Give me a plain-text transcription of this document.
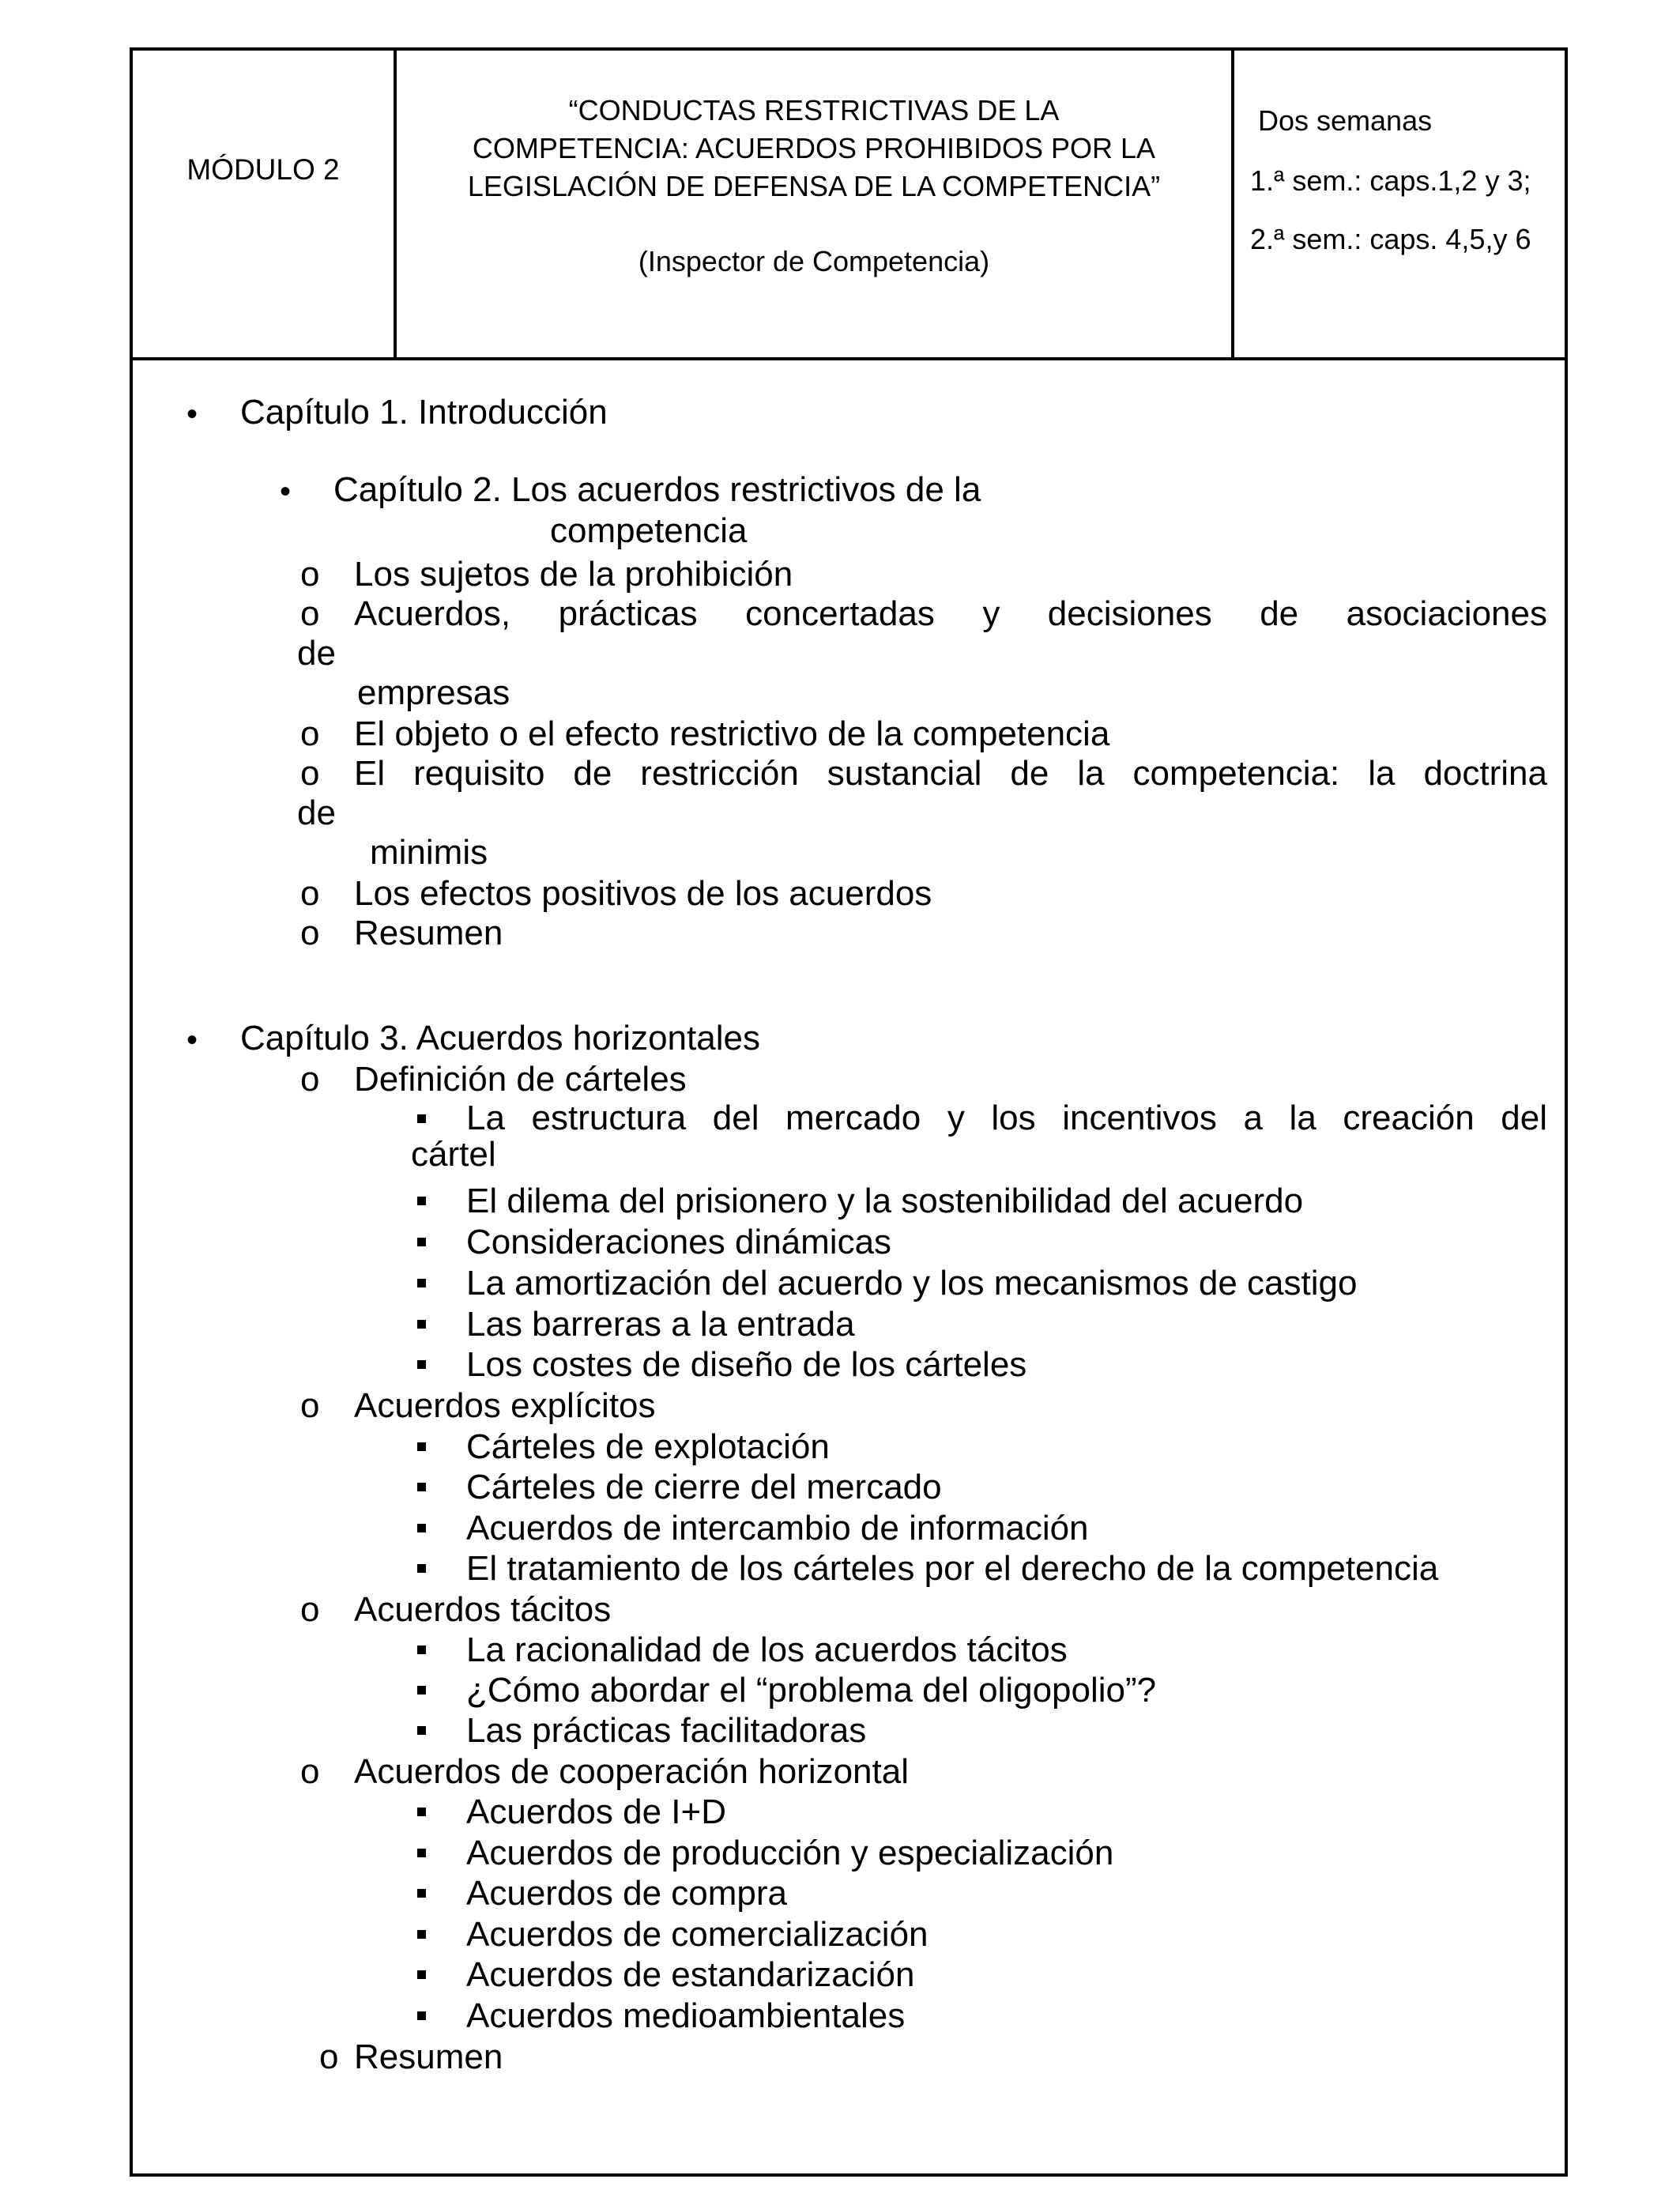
MÓDULO 2
“CONDUCTAS RESTRICTIVAS DE LA
COMPETENCIA: ACUERDOS PROHIBIDOS POR LA
LEGISLACIÓN DE DEFENSA DE LA COMPETENCIA”
(Inspector de Competencia)
Dos semanas
1.ª sem.: caps.1,2 y 3;
2.ª sem.: caps. 4,5,y 6
• Capítulo 1. Introducción
• Capítulo 2. Los acuerdos restrictivos de la
competencia
o Los sujetos de la prohibición
o Acuerdos, prácticas concertadas y decisiones de asociaciones
de
empresas
o El objeto o el efecto restrictivo de la competencia
o El requisito de restricción sustancial de la competencia: la doctrina
de
minimis
o Los efectos positivos de los acuerdos
o Resumen
• Capítulo 3. Acuerdos horizontales
o Definición de cárteles
La estructura del mercado y los incentivos a la creación del
cártel
El dilema del prisionero y la sostenibilidad del acuerdo
Consideraciones dinámicas
La amortización del acuerdo y los mecanismos de castigo
Las barreras a la entrada
Los costes de diseño de los cárteles
o Acuerdos explícitos
Cárteles de explotación
Cárteles de cierre del mercado
Acuerdos de intercambio de información
El tratamiento de los cárteles por el derecho de la competencia
o Acuerdos tácitos
La racionalidad de los acuerdos tácitos
¿Cómo abordar el “problema del oligopolio”?
Las prácticas facilitadoras
o Acuerdos de cooperación horizontal
Acuerdos de I+D
Acuerdos de producción y especialización
Acuerdos de compra
Acuerdos de comercialización
Acuerdos de estandarización
Acuerdos medioambientales
o Resumen
